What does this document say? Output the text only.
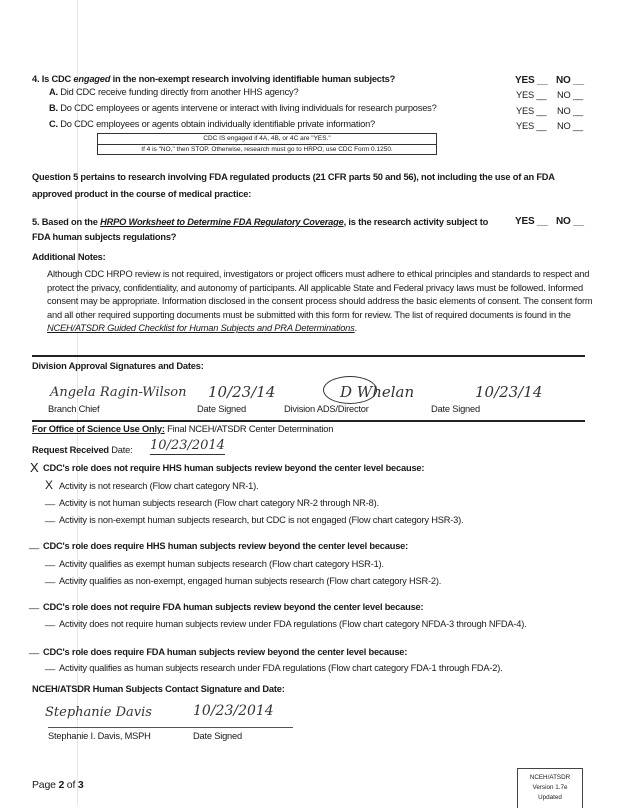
4. Is CDC engaged in the non-exempt research involving identifiable human subjects?	YES __ NO __
A. Did CDC receive funding directly from another HHS agency?	YES __ NO __
B. Do CDC employees or agents intervene or interact with living individuals for research purposes?	YES __ NO __
C. Do CDC employees or agents obtain individually identifiable private information?	YES __ NO __
CDC IS engaged if 4A, 4B, or 4C are "YES."
If 4 is "NO," then STOP. Otherwise, research must go to HRPO; use CDC Form 0.1250.
Question 5 pertains to research involving FDA regulated products (21 CFR parts 50 and 56), not including the use of an FDA approved product in the course of medical practice:
5. Based on the HRPO Worksheet to Determine FDA Regulatory Coverage, is the research activity subject to FDA human subjects regulations?
YES __ NO __
Additional Notes:
Although CDC HRPO review is not required, investigators or project officers must adhere to ethical principles and standards to respect and protect the privacy, confidentiality, and autonomy of participants. All applicable State and Federal privacy laws must be followed. Informed consent may be appropriate. Information disclosed in the consent process should address the basic elements of consent. The consent form and all other required supporting documents must be submitted with this form for review. The list of required documents is found in the NCEH/ATSDR Guided Checklist for Human Subjects and PRA Determinations.
Division Approval Signatures and Dates:
Angela Ragin-Wilson 10/23/14	D Whelan	10/23/14
Branch Chief	Date Signed	Division ADS/Director	Date Signed
For Office of Science Use Only: Final NCEH/ATSDR Center Determination
Request Received Date: 10/23/2014
X CDC's role does not require HHS human subjects review beyond the center level because:
X Activity is not research (Flow chart category NR-1).
__ Activity is not human subjects research (Flow chart category NR-2 through NR-8).
__ Activity is non-exempt human subjects research, but CDC is not engaged (Flow chart category HSR-3).
__ CDC's role does require HHS human subjects review beyond the center level because:
__ Activity qualifies as exempt human subjects research (Flow chart category HSR-1).
__ Activity qualifies as non-exempt, engaged human subjects research (Flow chart category HSR-2).
__ CDC's role does not require FDA human subjects review beyond the center level because:
__ Activity does not require human subjects review under FDA regulations (Flow chart category NFDA-3 through NFDA-4).
__ CDC's role does require FDA human subjects review beyond the center level because:
__ Activity qualifies as human subjects research under FDA regulations (Flow chart category FDA-1 through FDA-2).
NCEH/ATSDR Human Subjects Contact Signature and Date:
Stephanie Davis	10/23/2014
Stephanie I. Davis, MSPH	Date Signed
Page 2 of 3
NCEH/ATSDR
Version 1.7e
Updated
